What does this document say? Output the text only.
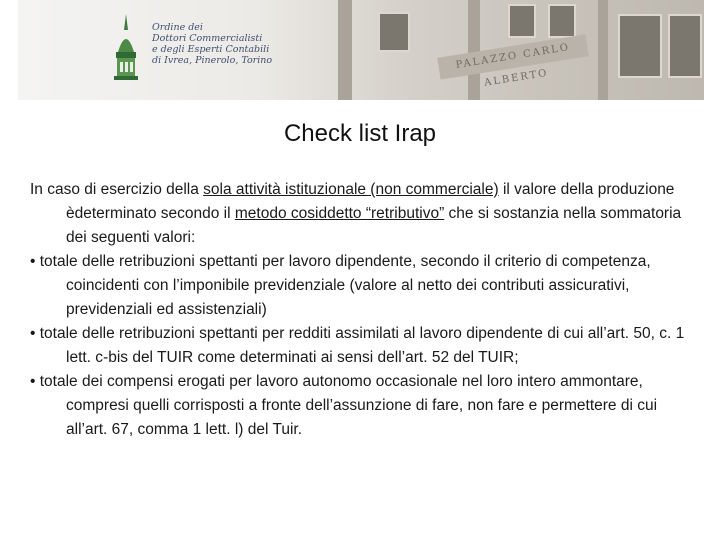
PALAZZO CARLO ALBERTO
Ordine dei
Dottori Commercialisti
e degli Esperti Contabili
di Ivrea, Pinerolo, Torino
Check list Irap

In caso di esercizio della sola attività istituzionale (non commerciale) il valore della produzione èdeterminato secondo il metodo cosiddetto “retributivo” che si sostanzia nella sommatoria dei seguenti valori:

• totale delle retribuzioni spettanti per lavoro dipendente, secondo il criterio di competenza, coincidenti con l’imponibile previdenziale (valore al netto dei contributi assicurativi, previdenziali ed assistenziali)

• totale delle retribuzioni spettanti per redditi assimilati al lavoro dipendente di cui all’art. 50, c. 1 lett. c-bis del TUIR come determinati ai sensi dell’art. 52 del TUIR;

• totale dei compensi erogati per lavoro autonomo occasionale nel loro intero ammontare, compresi quelli corrisposti a fronte dell’assunzione di fare, non fare e permettere di cui all’art. 67, comma 1 lett. l) del Tuir.
